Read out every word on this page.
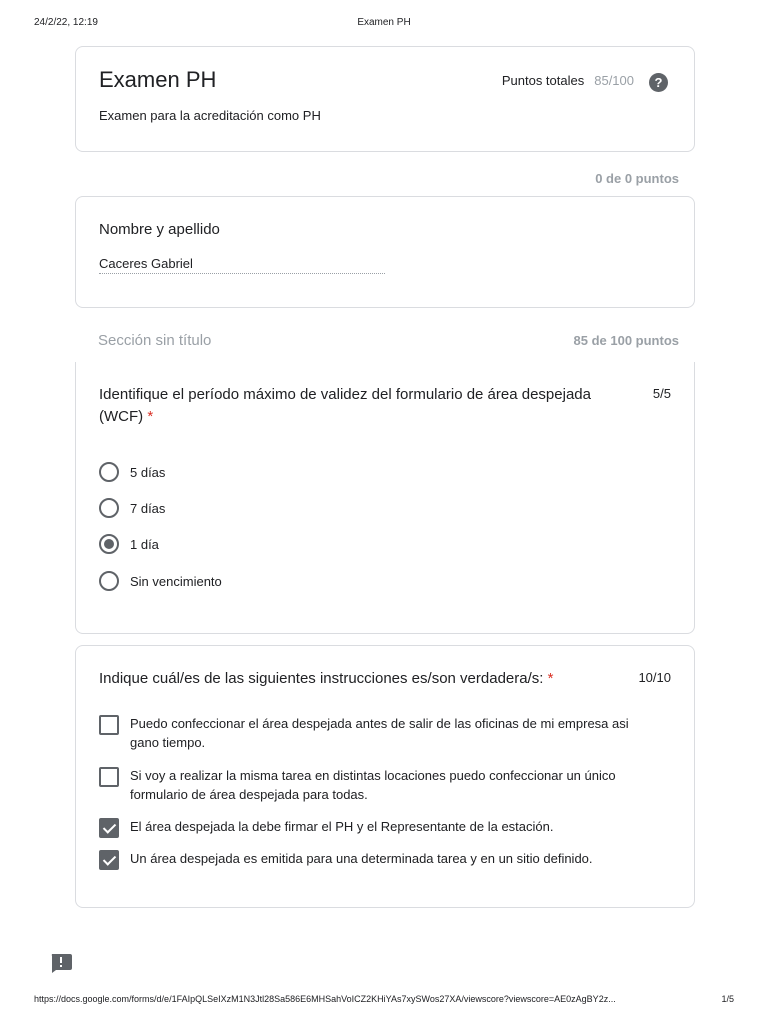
24/2/22, 12:19	Examen PH
Examen PH
Examen para la acreditación como PH
Puntos totales 85/100	?
0 de 0 puntos
Nombre y apellido
Caceres Gabriel
Sección sin título	85 de 100 puntos
Identifique el período máximo de validez del formulario de área despejada (WCF) *
5/5
5 días
7 días
1 día
Sin vencimiento
Indique cuál/es de las siguientes instrucciones es/son verdadera/s: *	10/10
Puedo confeccionar el área despejada antes de salir de las oficinas de mi empresa asi gano tiempo.
Si voy a realizar la misma tarea en distintas locaciones puedo confeccionar un único formulario de área despejada para todas.
El área despejada la debe firmar el PH y el Representante de la estación.
Un área despejada es emitida para una determinada tarea y en un sitio definido.
https://docs.google.com/forms/d/e/1FAIpQLSeIXzM1N3Jtl28Sa586E6MHSahVoICZ2KHiYAs7xySWos27XA/viewscore?viewscore=AE0zAgBY2z...	1/5
